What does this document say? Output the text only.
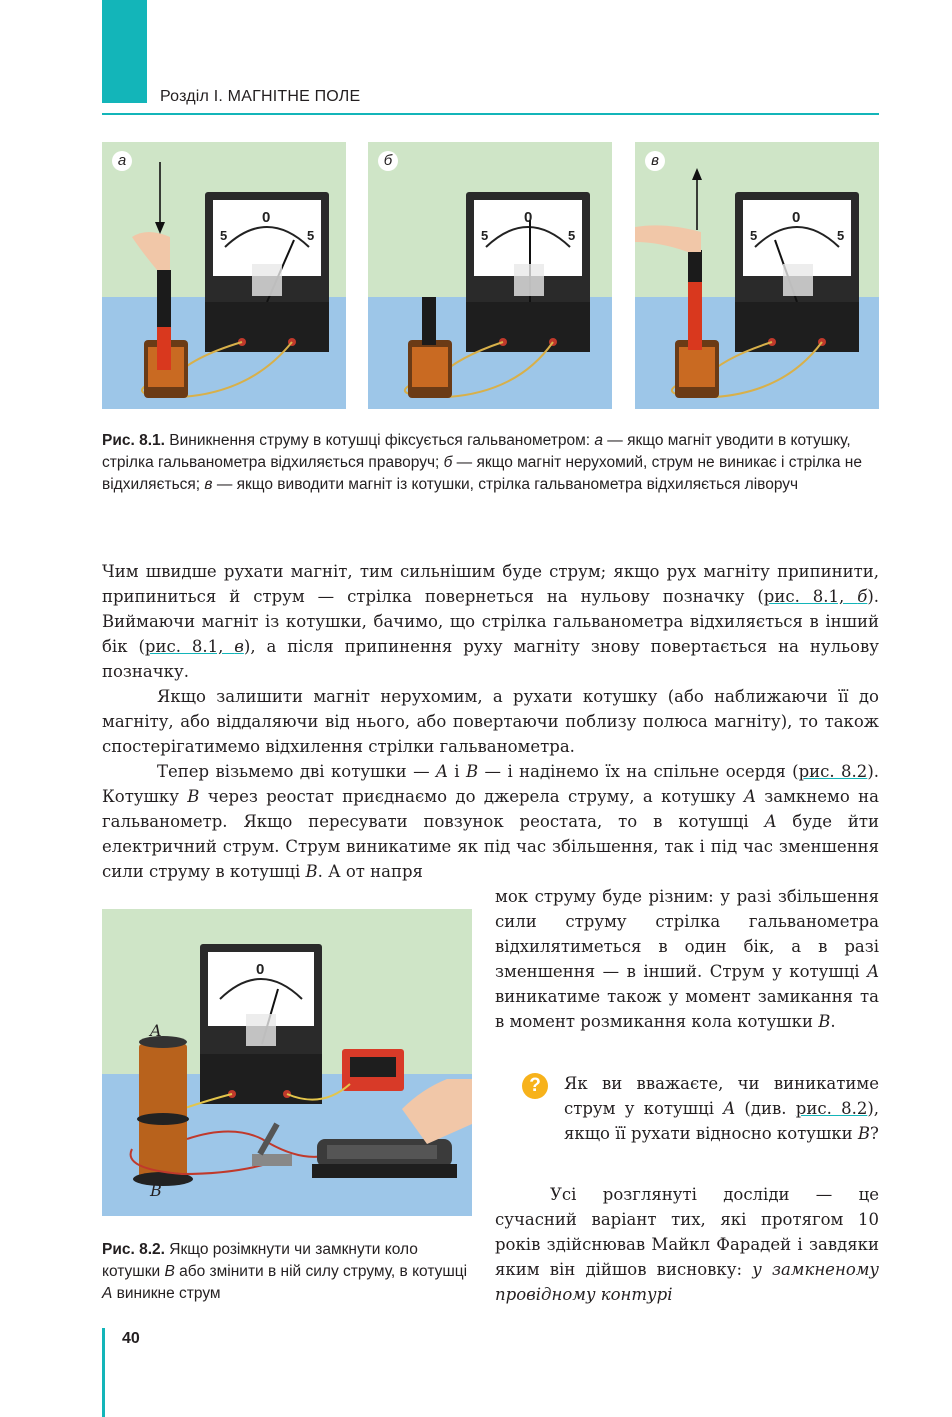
Розділ І. МАГНІТНЕ ПОЛЕ
0
5	5
а
0
5	5
б
0
5	5
в
Рис. 8.1. Виникнення струму в котушці фіксується гальванометром: а — якщо магніт уводити в котушку, стрілка гальванометра відхиляється праворуч; б — якщо магніт нерухомий, струм не виникає і стрілка не відхиляється; в — якщо виводити магніт із котушки, стрілка гальванометра відхиляється ліворуч

Чим швидше рухати магніт, тим сильнішим буде струм; якщо рух магніту припинити, припиниться й струм — стрілка повернеться на нульову позначку (рис. 8.1, б). Виймаючи магніт із котушки, бачимо, що стрілка гальванометра відхиляється в інший бік (рис. 8.1, в), а після припинення руху магніту знову повертається на нульову позначку.

Якщо залишити магніт нерухомим, а рухати котушку (або наближаючи її до магніту, або віддаляючи від нього, або повертаючи поблизу полюса магніту), то також спостерігатимемо відхилення стрілки гальванометра.

Тепер візьмемо дві котушки — A і B — і надінемо їх на спільне осердя (рис. 8.2). Котушку B через реостат приєднаємо до джерела струму, а котушку A замкнемо на гальванометр. Якщо пересувати повзунок реостата, то в котушці A буде йти електричний струм. Струм виникатиме як під час збільшення, так і під час зменшення сили струму в котушці B. А от напря

мок струму буде різним: у разі збільшення сили струму стрілка гальванометра відхилятиметься в один бік, а в разі зменшення — в інший. Струм у котушці A виникатиме також у момент замикання та в момент розмикання кола котушки B.

?	Як ви вважаєте, чи виникатиме струм у котушці A (див. рис. 8.2), якщо її рухати відносно котушки B?

Усі розглянуті досліди — це сучасний варіант тих, які протягом 10 років здійснював Майкл Фарадей і завдяки яким він дійшов висновку: у замкненому провідному контурі

0
A
B
Рис. 8.2. Якщо розімкнути чи замкнути коло котушки B або змінити в ній силу струму, в котушці A виникне струм
40
